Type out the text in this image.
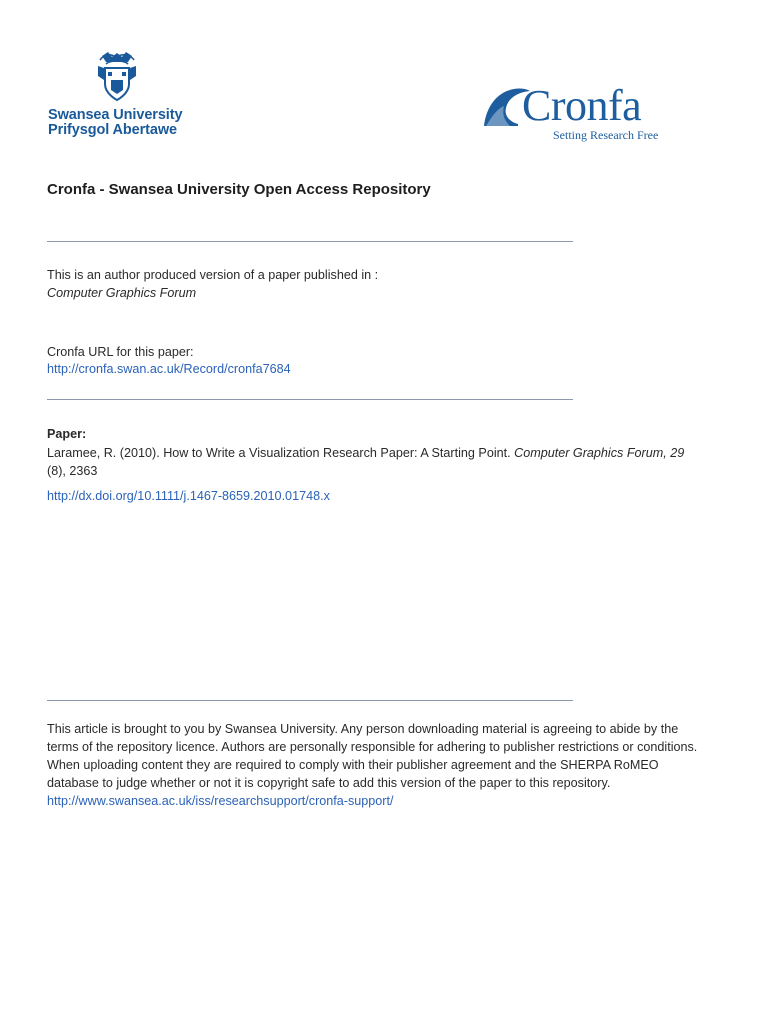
Swansea University
Prifysgol Abertawe	Cronfa
Setting Research Free
Cronfa - Swansea University Open Access Repository
This is an author produced version of a paper published in :
Computer Graphics Forum
Cronfa URL for this paper:
http://cronfa.swan.ac.uk/Record/cronfa7684
Paper:
Laramee, R. (2010). How to Write a Visualization Research Paper: A Starting Point. Computer Graphics Forum, 29
(8), 2363
http://dx.doi.org/10.1111/j.1467-8659.2010.01748.x
This article is brought to you by Swansea University. Any person downloading material is agreeing to abide by the
terms of the repository licence. Authors are personally responsible for adhering to publisher restrictions or conditions.
When uploading content they are required to comply with their publisher agreement and the SHERPA RoMEO
database to judge whether or not it is copyright safe to add this version of the paper to this repository.
http://www.swansea.ac.uk/iss/researchsupport/cronfa-support/
